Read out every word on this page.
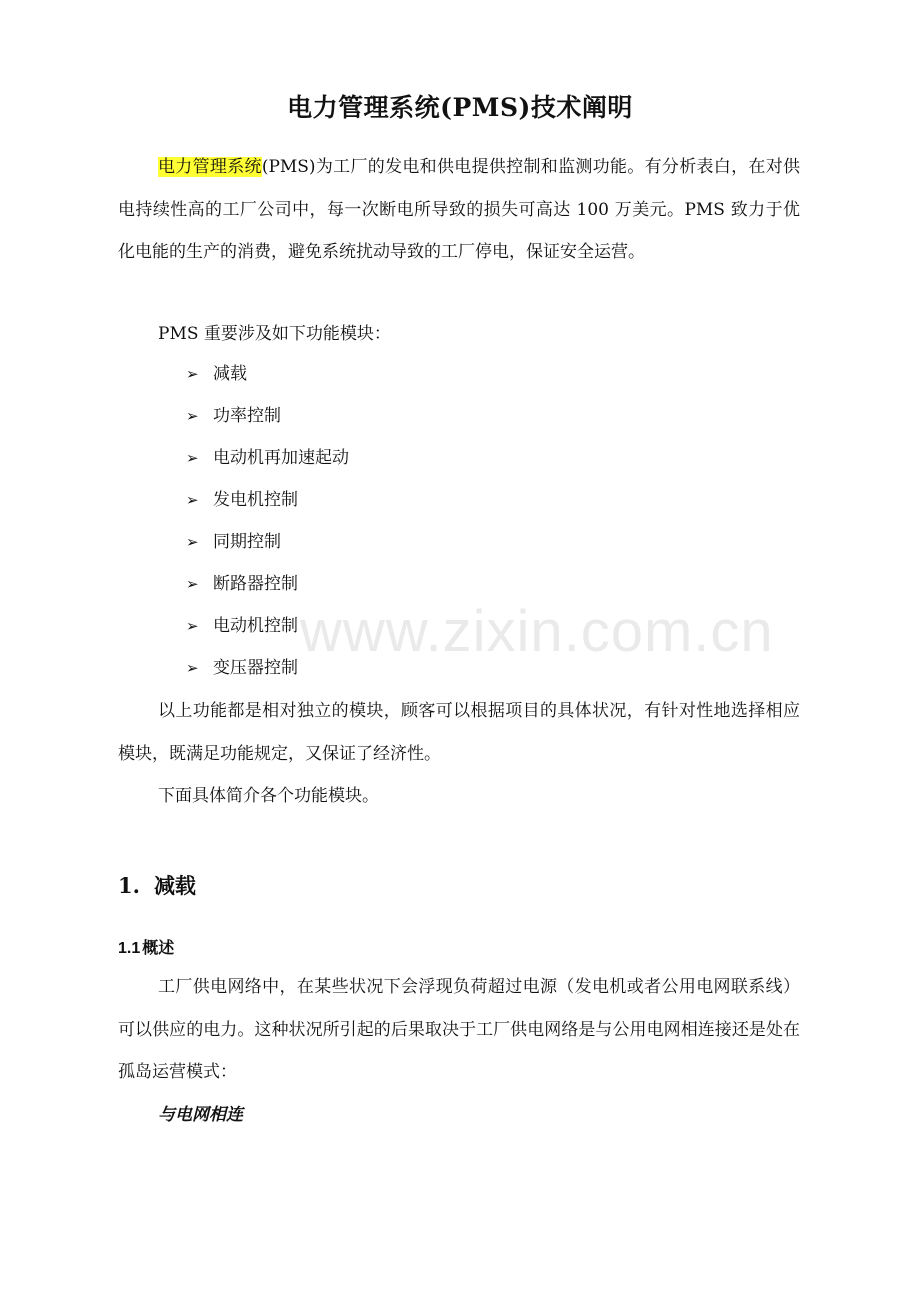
电力管理系统(PMS)技术阐明

电力管理系统(PMS)为工厂的发电和供电提供控制和监测功能。有分析表白，在对供电持续性高的工厂公司中，每一次断电所导致的损失可高达 100 万美元。PMS 致力于优化电能的生产的消费，避免系统扰动导致的工厂停电，保证安全运营。

PMS 重要涉及如下功能模块：

➢ 减载
➢ 功率控制
➢ 电动机再加速起动
➢ 发电机控制
➢ 同期控制
➢ 断路器控制
➢ 电动机控制
➢ 变压器控制

以上功能都是相对独立的模块，顾客可以根据项目的具体状况，有针对性地选择相应模块，既满足功能规定，又保证了经济性。

下面具体简介各个功能模块。

1. 减载
1.1 概述

工厂供电网络中，在某些状况下会浮现负荷超过电源（发电机或者公用电网联系线）可以供应的电力。这种状况所引起的后果取决于工厂供电网络是与公用电网相连接还是处在孤岛运营模式：

与电网相连
www.zixin.com.cn
